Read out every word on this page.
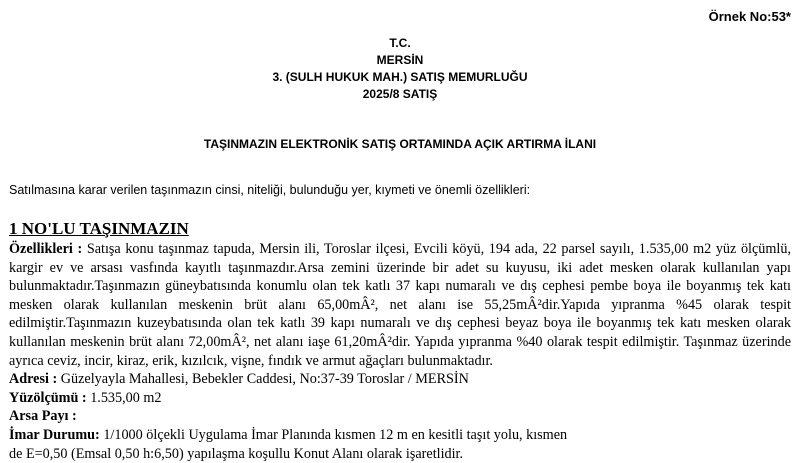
Örnek No:53*
T.C.
MERSİN
3. (SULH HUKUK MAH.) SATIŞ MEMURLUĞU
2025/8 SATIŞ
TAŞINMAZIN ELEKTRONİK SATIŞ ORTAMINDA AÇIK ARTIRMA İLANI
Satılmasına karar verilen taşınmazın cinsi, niteliği, bulunduğu yer, kıymeti ve önemli özellikleri:
1 NO'LU TAŞINMAZIN

Özellikleri : Satışa konu taşınmaz tapuda, Mersin ili, Toroslar ilçesi, Evcili köyü, 194 ada, 22 parsel sayılı, 1.535,00 m2 yüz ölçümlü, kargir ev ve arsası vasfında kayıtlı taşınmazdır.Arsa zemini üzerinde bir adet su kuyusu, iki adet mesken olarak kullanılan yapı bulunmaktadır.Taşınmazın güneybatısında konumlu olan tek katlı 37 kapı numaralı ve dış cephesi pembe boya ile boyanmış tek katı mesken olarak kullanılan meskenin brüt alanı 65,00mÂ², net alanı ise 55,25mÂ²dir.Yapıda yıpranma %45 olarak tespit edilmiştir.Taşınmazın kuzeybatısında olan tek katlı 39 kapı numaralı ve dış cephesi beyaz boya ile boyanmış tek katı mesken olarak kullanılan meskenin brüt alanı 72,00mÂ², net alanı iaşe 61,20mÂ²dir. Yapıda yıpranma %40 olarak tespit edilmiştir. Taşınmaz üzerinde ayrıca ceviz, incir, kiraz, erik, kızılcık, vişne, fındık ve armut ağaçları bulunmaktadır.

Adresi : Güzelyayla Mahallesi, Bebekler Caddesi, No:37-39 Toroslar / MERSİN

Yüzölçümü : 1.535,00 m2

Arsa Payı :

İmar Durumu: 1/1000 ölçekli Uygulama İmar Planında kısmen 12 m en kesitli taşıt yolu, kısmen

de E=0,50 (Emsal 0,50 h:6,50) yapılaşma koşullu Konut Alanı olarak işaretlidir.
